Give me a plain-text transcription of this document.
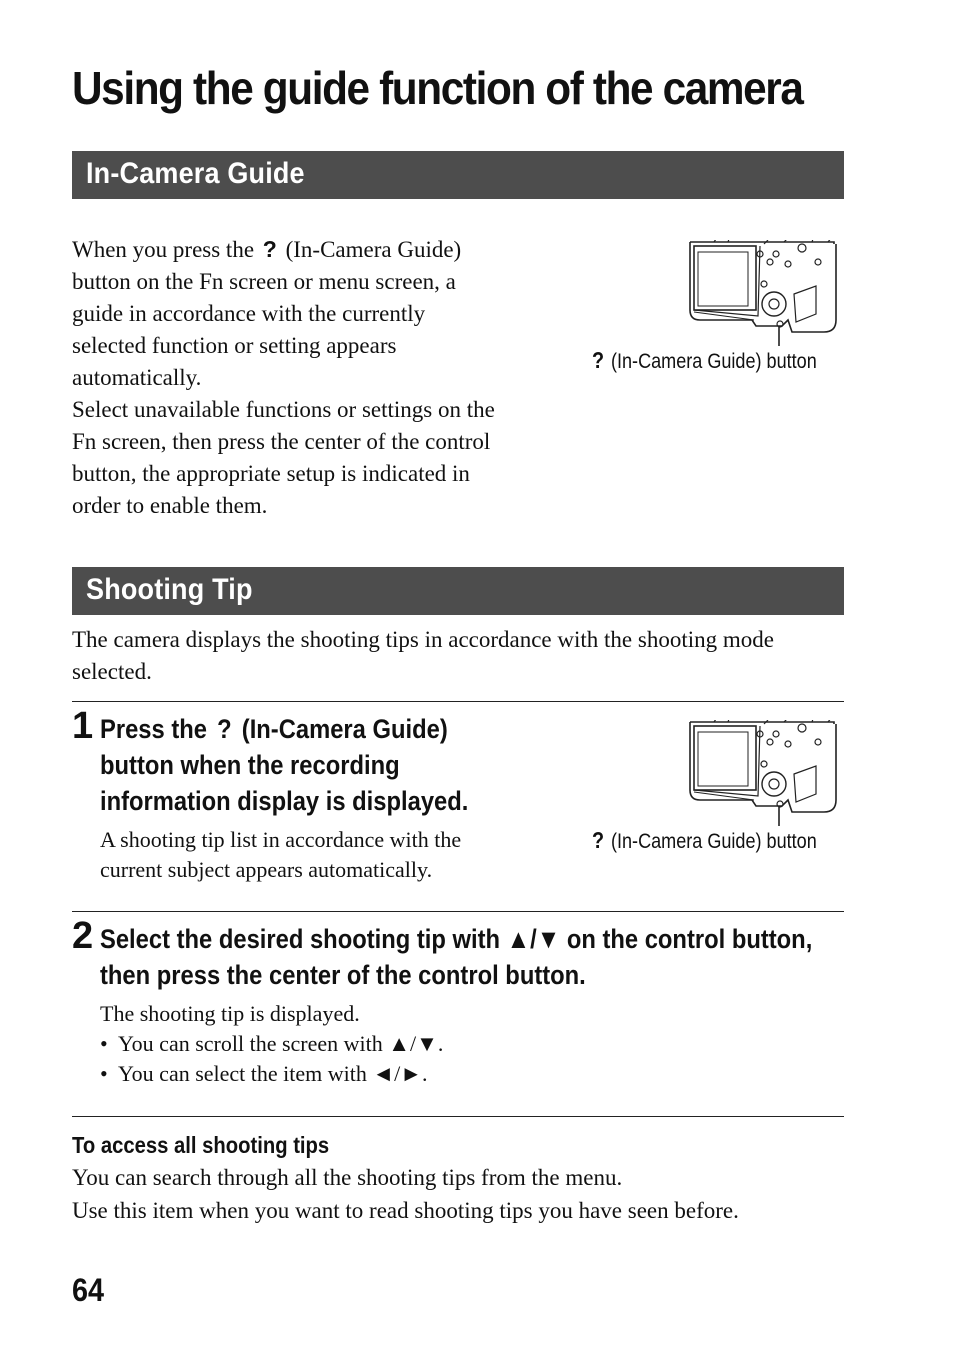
Using the guide function of the camera
In-Camera Guide

When you press the ? (In-Camera Guide) button on the Fn screen or menu screen, a guide in accordance with the currently selected function or setting appears automatically.

Select unavailable functions or settings on the Fn screen, then press the center of the control button, the appropriate setup is indicated in order to enable them.

? (In-Camera Guide) button
Shooting Tip
The camera displays the shooting tips in accordance with the shooting mode selected.
1 Press the ? (In-Camera Guide) button when the recording information display is displayed.
A shooting tip list in accordance with the current subject appears automatically.
? (In-Camera Guide) button
2 Select the desired shooting tip with ▲/▼ on the control button, then press the center of the control button.
The shooting tip is displayed.
• You can scroll the screen with ▲/▼.
• You can select the item with ◄/►.
To access all shooting tips

You can search through all the shooting tips from the menu.

Use this item when you want to read shooting tips you have seen before.

64
